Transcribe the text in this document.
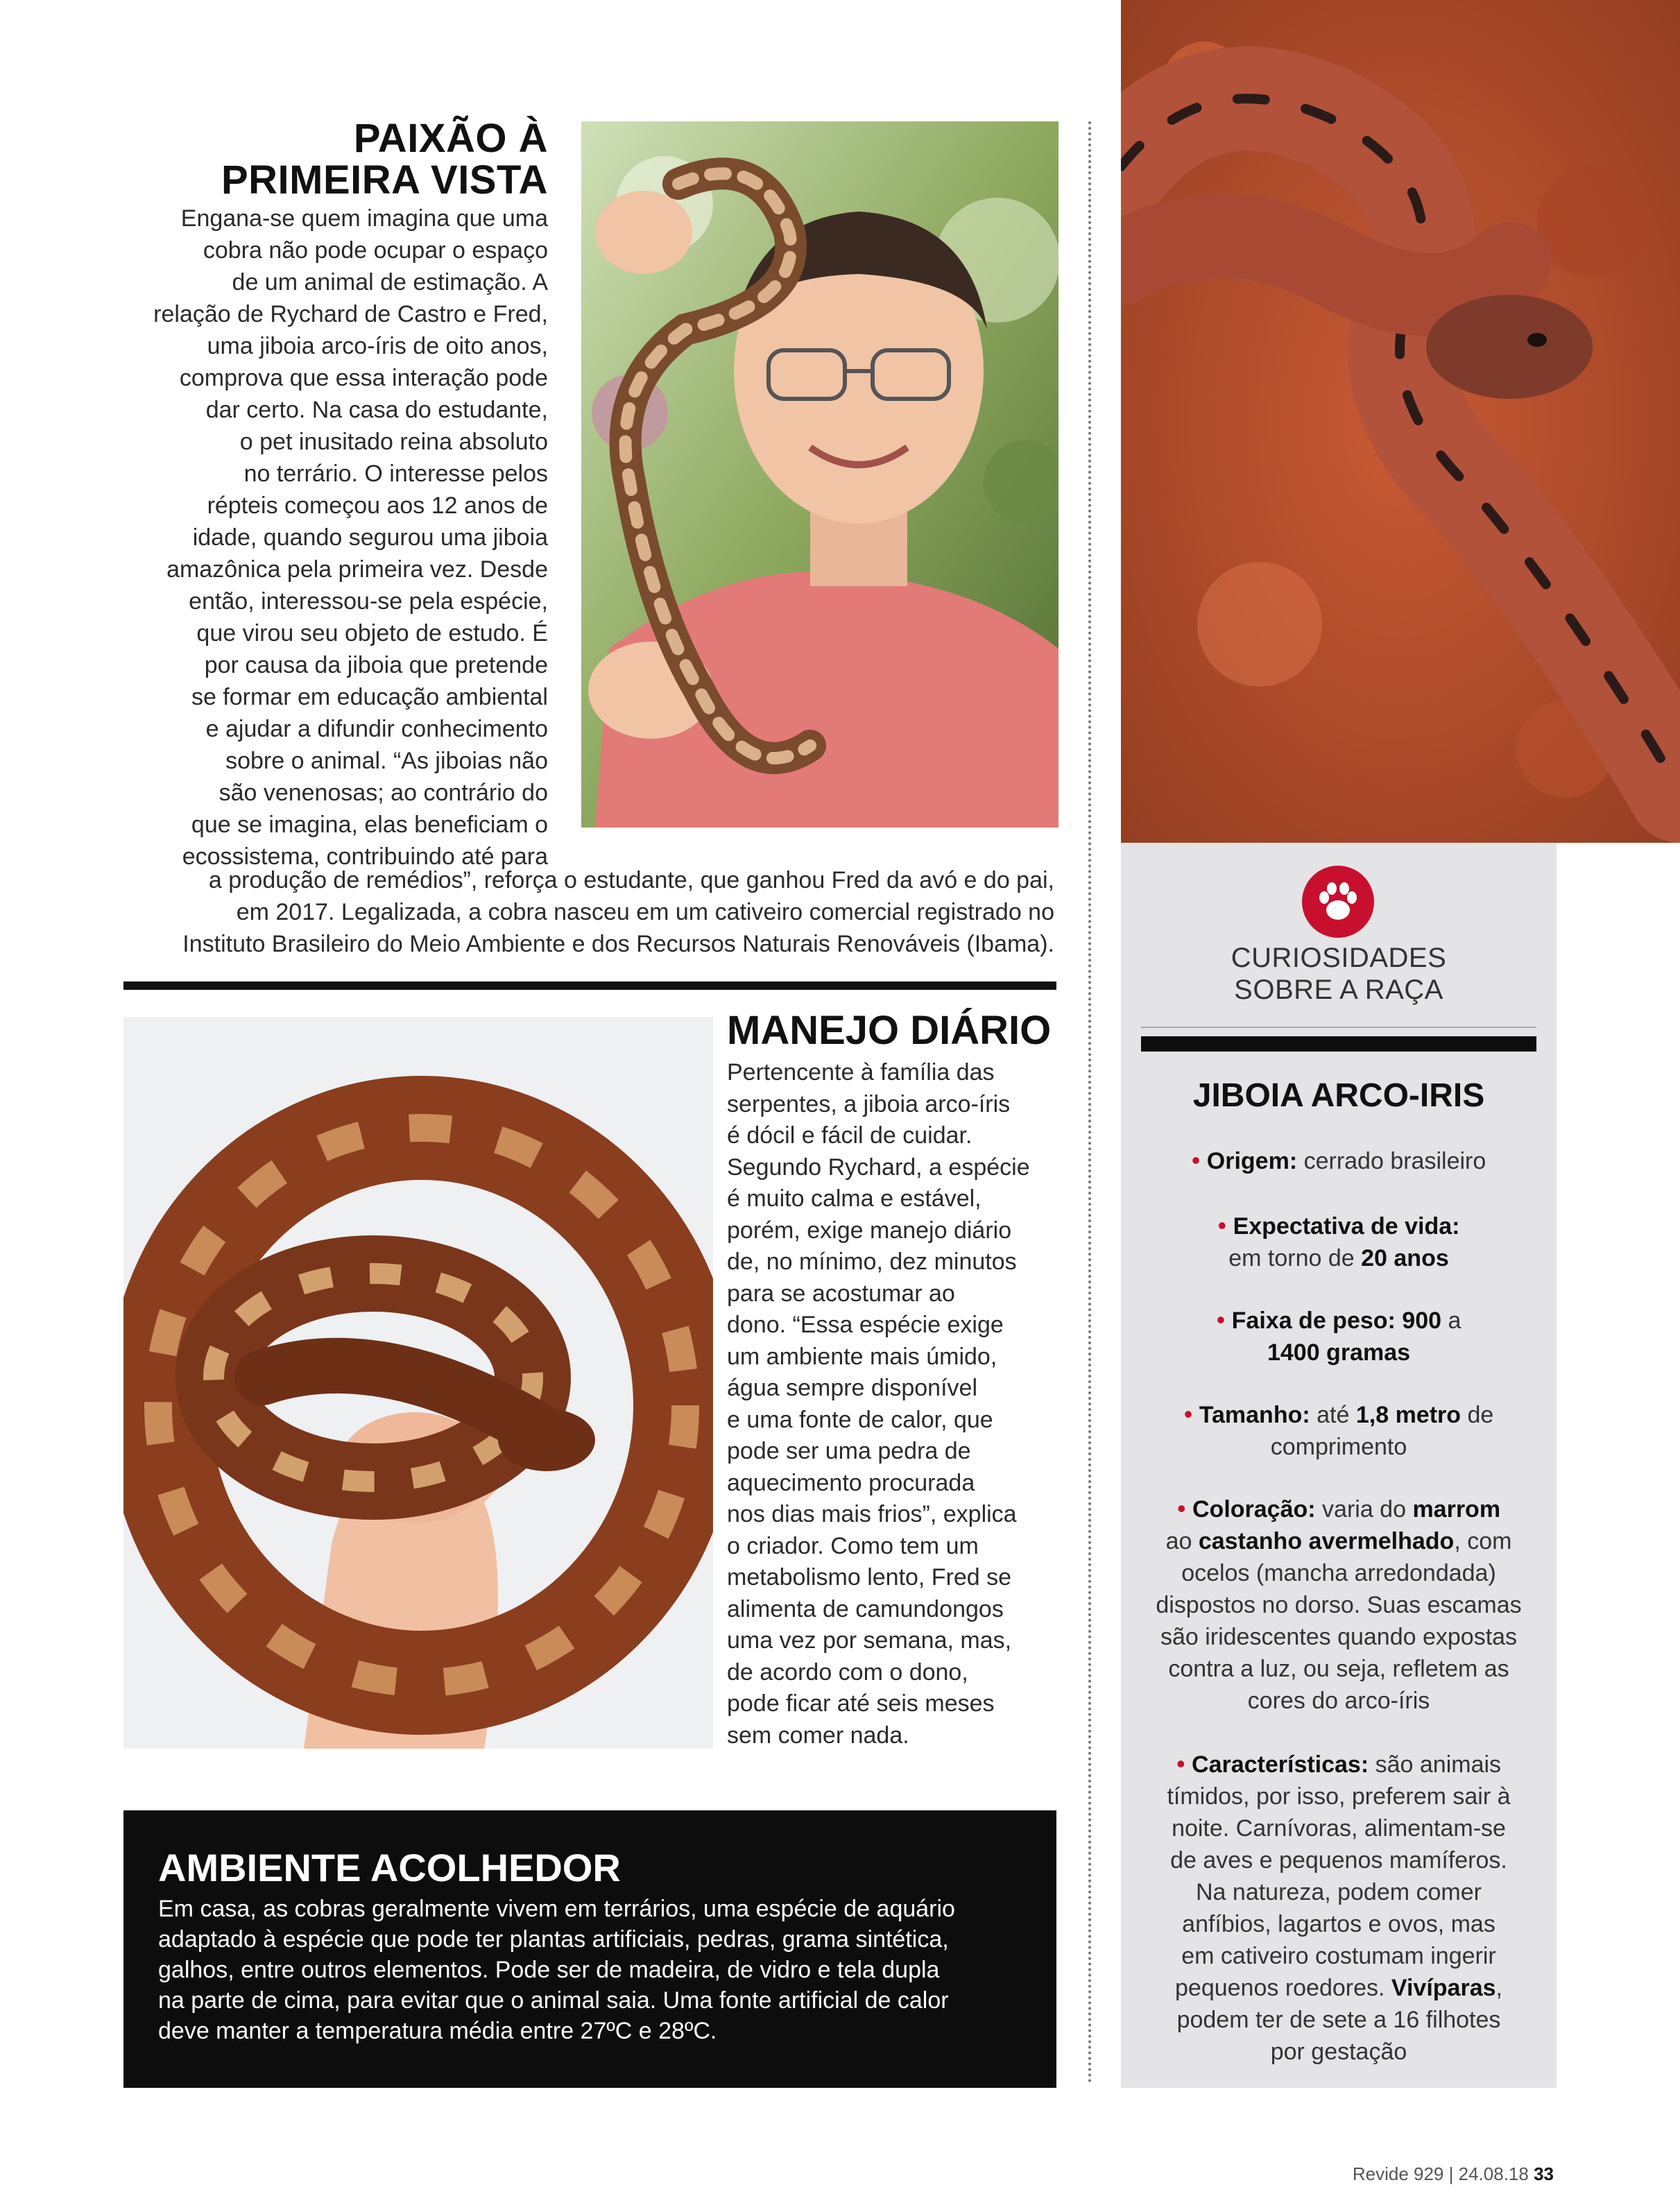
PAIXÃO À
PRIMEIRA VISTA
Engana-se quem imagina que uma
cobra não pode ocupar o espaço
de um animal de estimação. A
relação de Rychard de Castro e Fred,
uma jiboia arco-íris de oito anos,
comprova que essa interação pode
dar certo. Na casa do estudante,
o pet inusitado reina absoluto
no terrário. O interesse pelos
répteis começou aos 12 anos de
idade, quando segurou uma jiboia
amazônica pela primeira vez. Desde
então, interessou-se pela espécie,
que virou seu objeto de estudo. É
por causa da jiboia que pretende
se formar em educação ambiental
e ajudar a difundir conhecimento
sobre o animal. “As jiboias não
são venenosas; ao contrário do
que se imagina, elas beneficiam o
ecossistema, contribuindo até para
a produção de remédios”, reforça o estudante, que ganhou Fred da avó e do pai,
em 2017. Legalizada, a cobra nasceu em um cativeiro comercial registrado no
Instituto Brasileiro do Meio Ambiente e dos Recursos Naturais Renováveis (Ibama).
MANEJO DIÁRIO
Pertencente à família das
serpentes, a jiboia arco-íris
é dócil e fácil de cuidar.
Segundo Rychard, a espécie
é muito calma e estável,
porém, exige manejo diário
de, no mínimo, dez minutos
para se acostumar ao
dono. “Essa espécie exige
um ambiente mais úmido,
água sempre disponível
e uma fonte de calor, que
pode ser uma pedra de
aquecimento procurada
nos dias mais frios”, explica
o criador. Como tem um
metabolismo lento, Fred se
alimenta de camundongos
uma vez por semana, mas,
de acordo com o dono,
pode ficar até seis meses
sem comer nada.
AMBIENTE ACOLHEDOR
Em casa, as cobras geralmente vivem em terrários, uma espécie de aquário
adaptado à espécie que pode ter plantas artificiais, pedras, grama sintética,
galhos, entre outros elementos. Pode ser de madeira, de vidro e tela dupla
na parte de cima, para evitar que o animal saia. Uma fonte artificial de calor
deve manter a temperatura média entre 27ºC e 28ºC.
CURIOSIDADES
SOBRE A RAÇA
JIBOIA ARCO-IRIS
• Origem: cerrado brasileiro
• Expectativa de vida:
em torno de 20 anos
• Faixa de peso: 900 a
1400 gramas
• Tamanho: até 1,8 metro de
comprimento
• Coloração: varia do marrom
ao castanho avermelhado, com
ocelos (mancha arredondada)
dispostos no dorso. Suas escamas
são iridescentes quando expostas
contra a luz, ou seja, refletem as
cores do arco-íris
• Características: são animais
tímidos, por isso, preferem sair à
noite. Carnívoras, alimentam-se
de aves e pequenos mamíferos.
Na natureza, podem comer
anfíbios, lagartos e ovos, mas
em cativeiro costumam ingerir
pequenos roedores. Vivíparas,
podem ter de sete a 16 filhotes
por gestação
Revide 929 | 24.08.18 33
